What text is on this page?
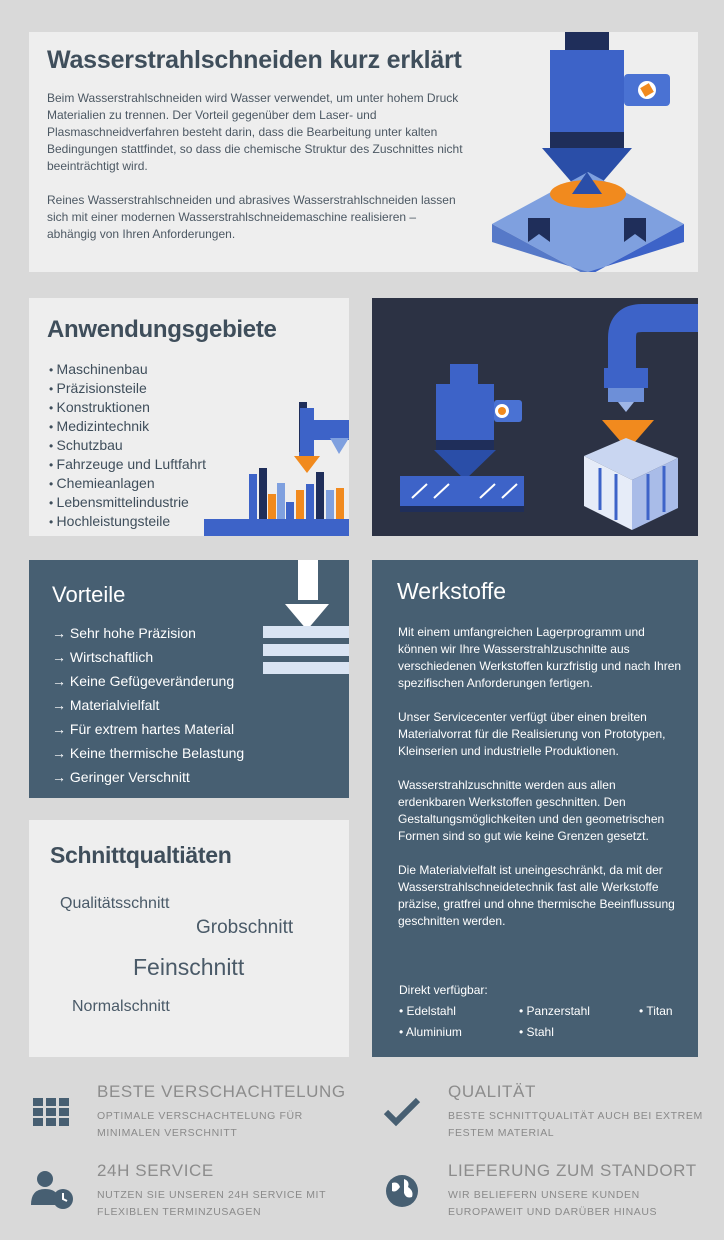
Wasserstrahlschneiden kurz erklärt

Beim Wasserstrahlschneiden wird Wasser verwendet, um unter hohem Druck Materialien zu trennen. Der Vorteil gegenüber dem Laser- und Plasmaschneidverfahren besteht darin, dass die Bearbeitung unter kalten Bedingungen stattfindet, so dass die chemische Struktur des Zuschnittes nicht beeinträchtigt wird.

Reines Wasserstrahlschneiden und abrasives Wasserstrahlschneiden lassen sich mit einer modernen Wasserstrahlschneidemaschine realisieren – abhängig von Ihren Anforderungen.

Anwendungsgebiete
• Maschinenbau
• Präzisionsteile
• Konstruktionen
• Medizintechnik
• Schutzbau
• Fahrzeuge und Luftfahrt
• Chemieanlagen
• Lebensmittelindustrie
• Hochleistungsteile
Vorteile
→ Sehr hohe Präzision
→ Wirtschaftlich
→ Keine Gefügeveränderung
→ Materialvielfalt
→ Für extrem hartes Material
→ Keine thermische Belastung
→ Geringer Verschnitt
Werkstoffe

Mit einem umfangreichen Lagerprogramm und können wir Ihre Wasserstrahlzuschnitte aus verschiedenen Werkstoffen kurzfristig und nach Ihren spezifischen Anforderungen fertigen.

Unser Servicecenter verfügt über einen breiten Materialvorrat für die Realisierung von Prototypen, Kleinserien und industrielle Produktionen.

Wasserstrahlzuschnitte werden aus allen erdenkbaren Werkstoffen geschnitten. Den Gestaltungsmöglichkeiten und den geometrischen Formen sind so gut wie keine Grenzen gesetzt.

Die Materialvielfalt ist uneingeschränkt, da mit der Wasserstrahlschneidetechnik fast alle Werkstoffe präzise, gratfrei und ohne thermische Beeinflussung geschnitten werden.

Direkt verfügbar:
• Edelstahl	• Panzerstahl	• Titan
• Aluminium	• Stahl
Schnittqualtiäten
Qualitätsschnitt
Grobschnitt
Feinschnitt
Normalschnitt
BESTE VERSCHACHTELUNG
OPTIMALE VERSCHACHTELUNG FÜR MINIMALEN VERSCHNITT
QUALITÄT
BESTE SCHNITTQUALITÄT AUCH BEI EXTREM FESTEM MATERIAL
24H SERVICE
NUTZEN SIE UNSEREN 24H SERVICE MIT FLEXIBLEN TERMINZUSAGEN
LIEFERUNG ZUM STANDORT
WIR BELIEFERN UNSERE KUNDEN EUROPAWEIT UND DARÜBER HINAUS
